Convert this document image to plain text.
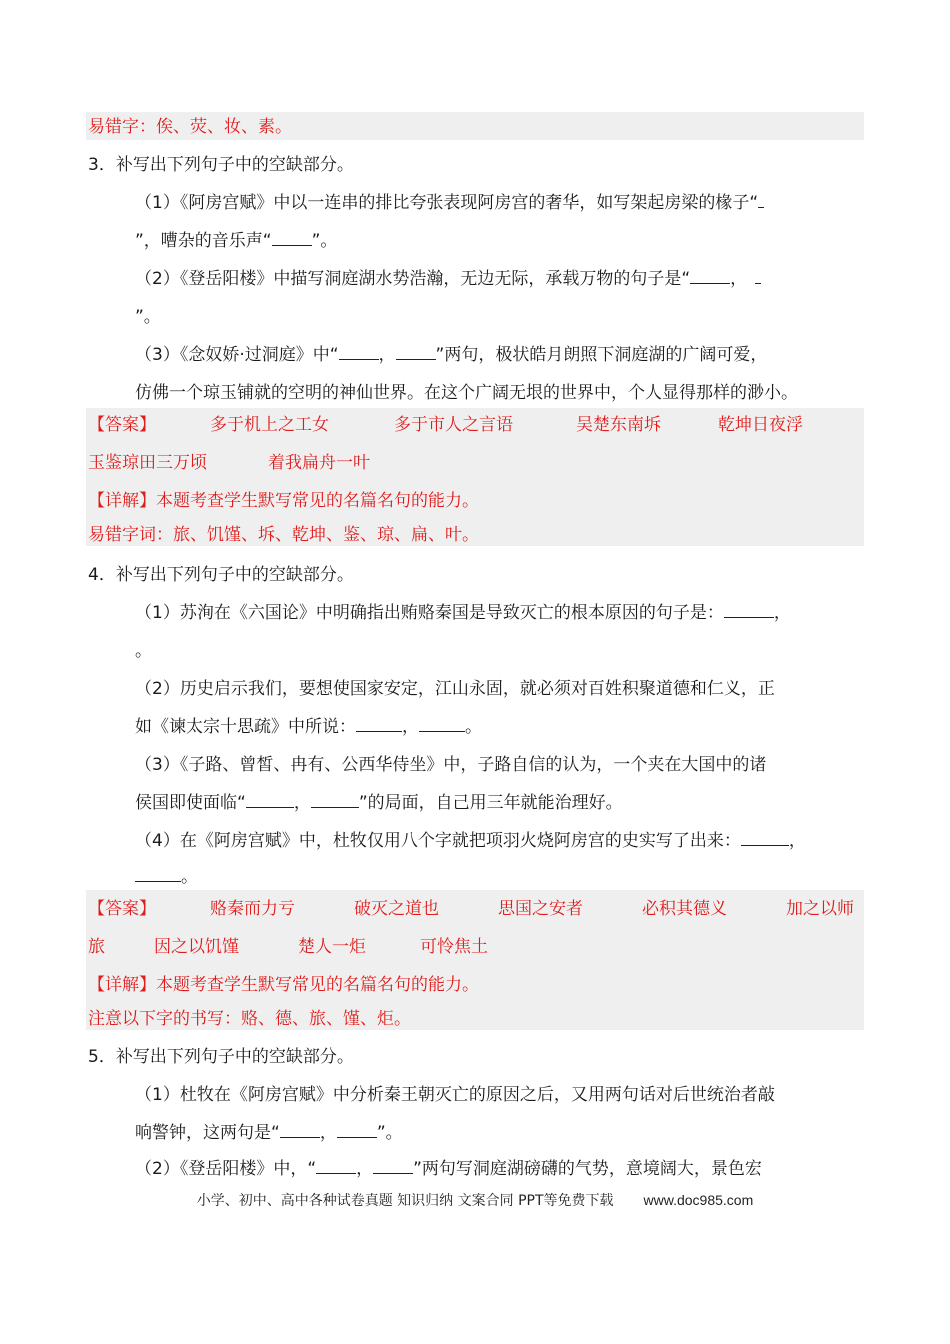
易错字：俟、荧、妆、素。
3．补写出下列句子中的空缺部分。
（1）《阿房宫赋》中以一连串的排比夸张表现阿房宫的奢华，如写架起房梁的椽子“
”，嘈杂的音乐声“ ”。
（2）《登岳阳楼》中描写洞庭湖水势浩瀚，无边无际，承载万物的句子是“ ，
”。
（3）《念奴娇·过洞庭》中“ ， ”两句，极状皓月朗照下洞庭湖的广阔可爱，
仿佛一个琼玉铺就的空明的神仙世界。在这个广阔无垠的世界中，个人显得那样的渺小。
【答案】	多于机上之工女	多于市人之言语	吴楚东南坼	乾坤日夜浮
玉鉴琼田三万顷	着我扁舟一叶
【详解】本题考查学生默写常见的名篇名句的能力。
易错字词：旅、饥馑、坼、乾坤、鉴、琼、扁、叶。
4．补写出下列句子中的空缺部分。
（1）苏洵在《六国论》中明确指出贿赂秦国是导致灭亡的根本原因的句子是：	，
。
（2）历史启示我们，要想使国家安定，江山永固，就必须对百姓积聚道德和仁义，正
如《谏太宗十思疏》中所说：	，	。
（3）《子路、曾皙、冉有、公西华侍坐》中，子路自信的认为，一个夹在大国中的诸
侯国即使面临“	，	”的局面，自己用三年就能治理好。
（4）在《阿房宫赋》中，杜牧仅用八个字就把项羽火烧阿房宫的史实写了出来：	，
。
【答案】	赂秦而力亏	破灭之道也	思国之安者	必积其德义	加之以师
旅	因之以饥馑	楚人一炬	可怜焦土
【详解】本题考查学生默写常见的名篇名句的能力。
注意以下字的书写：赂、德、旅、馑、炬。
5．补写出下列句子中的空缺部分。
（1）杜牧在《阿房宫赋》中分析秦王朝灭亡的原因之后，又用两句话对后世统治者敲
响警钟，这两句是“ ， ”。
（2）《登岳阳楼》中，“ ， ”两句写洞庭湖磅礴的气势，意境阔大，景色宏
小学、初中、高中各种试卷真题 知识归纳 文案合同 PPT等免费下载 www.doc985.com
